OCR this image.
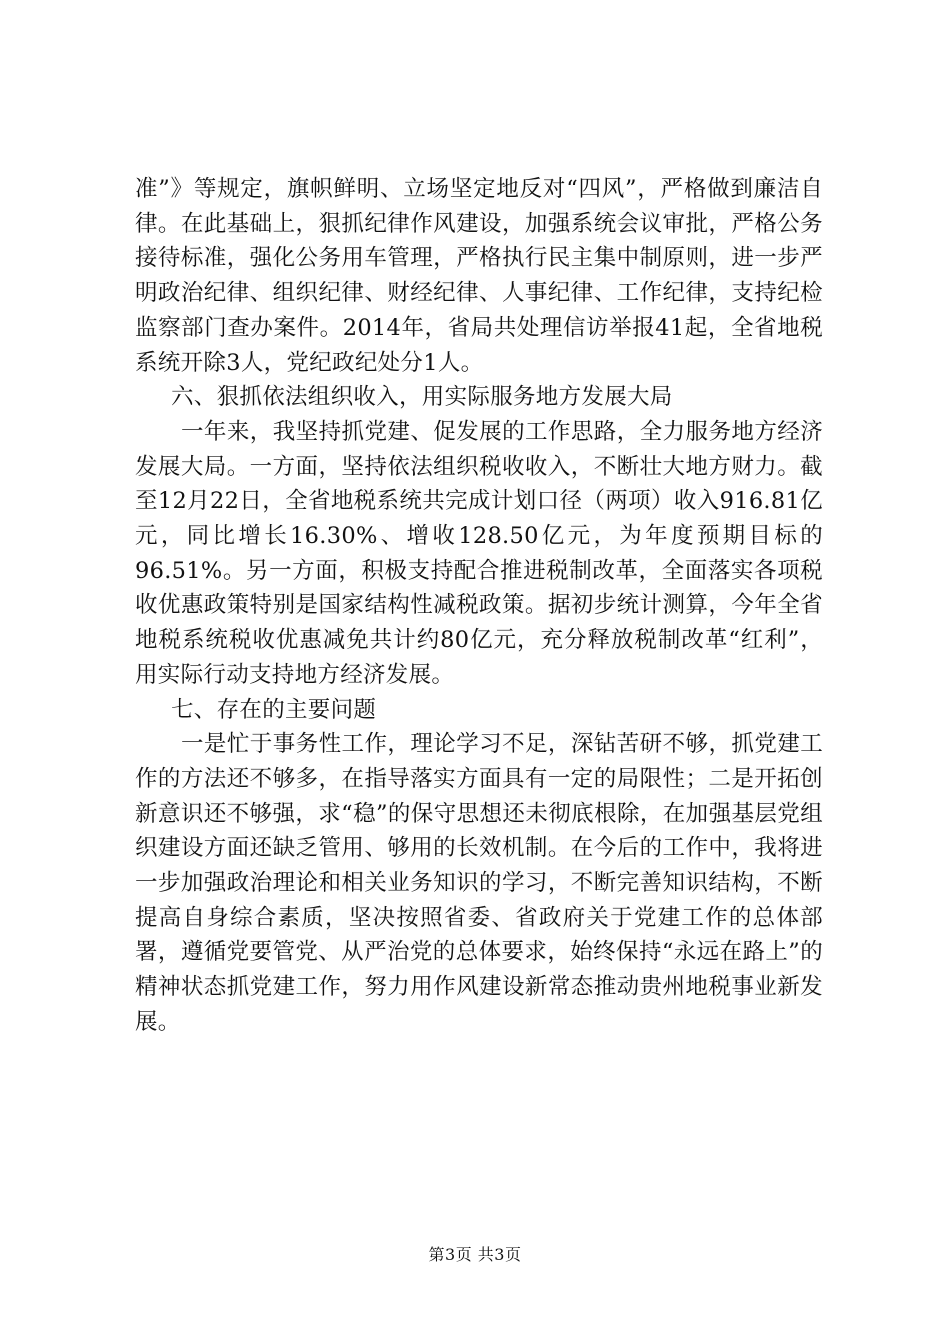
准”》等规定，旗帜鲜明、立场坚定地反对“四风”，严格做到廉洁自律。在此基础上，狠抓纪律作风建设，加强系统会议审批，严格公务接待标准，强化公务用车管理，严格执行民主集中制原则，进一步严明政治纪律、组织纪律、财经纪律、人事纪律、工作纪律，支持纪检监察部门查办案件。2014年，省局共处理信访举报41起，全省地税系统开除3人，党纪政纪处分1人。

六、狠抓依法组织收入，用实际服务地方发展大局

一年来，我坚持抓党建、促发展的工作思路，全力服务地方经济发展大局。一方面，坚持依法组织税收收入，不断壮大地方财力。截至12月22日，全省地税系统共完成计划口径（两项）收入916.81亿元，同比增长16.30%、增收128.50亿元，为年度预期目标的96.51%。另一方面，积极支持配合推进税制改革，全面落实各项税收优惠政策特别是国家结构性减税政策。据初步统计测算，今年全省地税系统税收优惠减免共计约80亿元，充分释放税制改革“红利”，用实际行动支持地方经济发展。

七、存在的主要问题

一是忙于事务性工作，理论学习不足，深钻苦研不够，抓党建工作的方法还不够多，在指导落实方面具有一定的局限性；二是开拓创新意识还不够强，求“稳”的保守思想还未彻底根除，在加强基层党组织建设方面还缺乏管用、够用的长效机制。在今后的工作中，我将进一步加强政治理论和相关业务知识的学习，不断完善知识结构，不断提高自身综合素质，坚决按照省委、省政府关于党建工作的总体部署，遵循党要管党、从严治党的总体要求，始终保持“永远在路上”的精神状态抓党建工作，努力用作风建设新常态推动贵州地税事业新发展。

第3页 共3页
